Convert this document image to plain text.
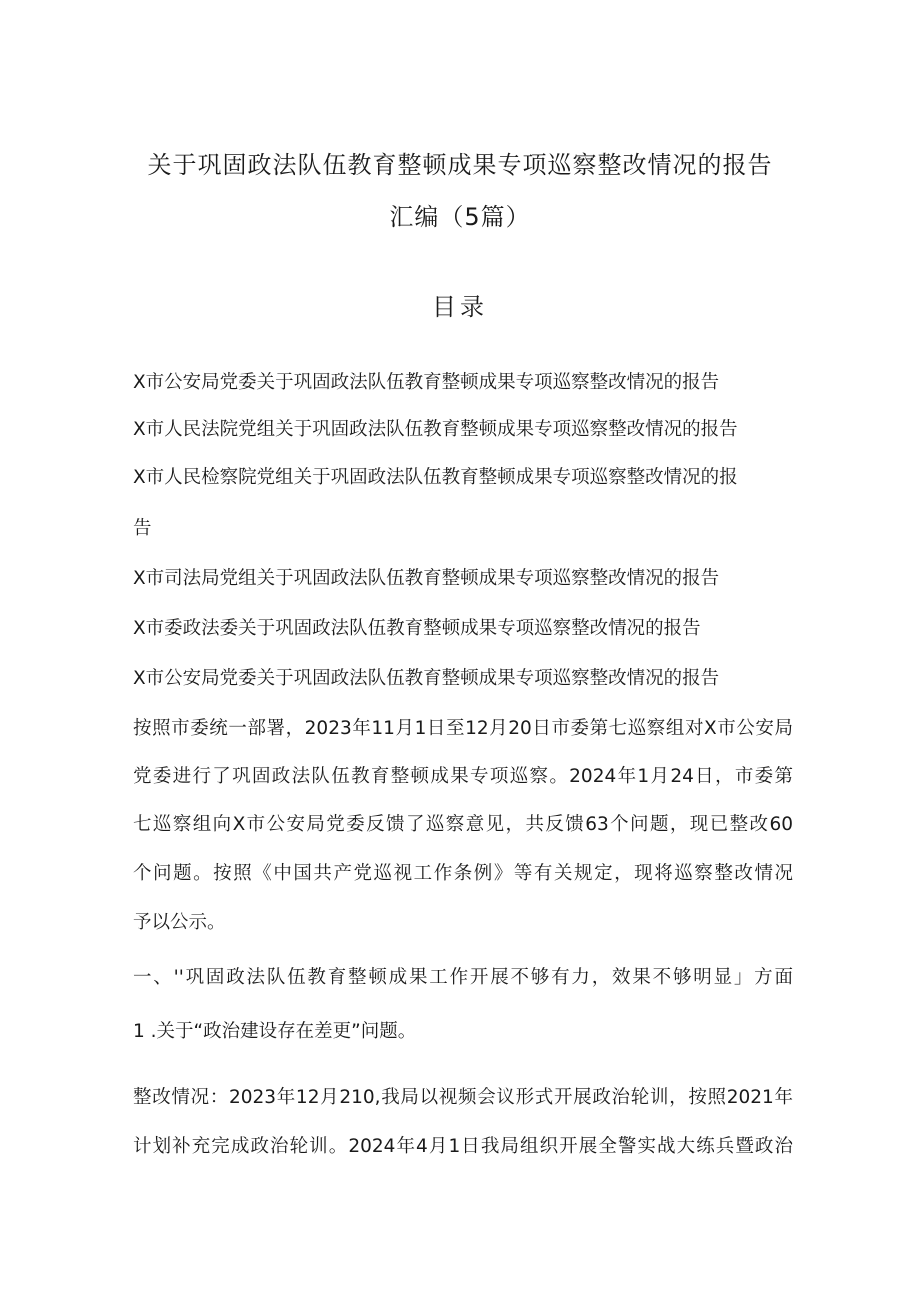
关于巩固政法队伍教育整顿成果专项巡察整改情况的报告
汇编（5篇）
目录
X市公安局党委关于巩固政法队伍教育整顿成果专项巡察整改情况的报告
X市人民法院党组关于巩固政法队伍教育整顿成果专项巡察整改情况的报告
X市人民检察院党组关于巩固政法队伍教育整顿成果专项巡察整改情况的报
告
X市司法局党组关于巩固政法队伍教育整顿成果专项巡察整改情况的报告
X市委政法委关于巩固政法队伍教育整顿成果专项巡察整改情况的报告
X市公安局党委关于巩固政法队伍教育整顿成果专项巡察整改情况的报告
按照市委统一部署，2023年11月1日至12月20日市委第七巡察组对X市公安局
党委进行了巩固政法队伍教育整顿成果专项巡察。2024年1月24日，市委第
七巡察组向X市公安局党委反馈了巡察意见，共反馈63个问题，现已整改60
个问题。按照《中国共产党巡视工作条例》等有关规定，现将巡察整改情况
予以公示。
一、''巩固政法队伍教育整顿成果工作开展不够有力，效果不够明显」方面
1 .关于“政治建设存在差更”问题。
整改情况：2023年12月210,我局以视频会议形式开展政治轮训，按照2021年
计划补充完成政治轮训。2024年4月1日我局组织开展全警实战大练兵暨政治
